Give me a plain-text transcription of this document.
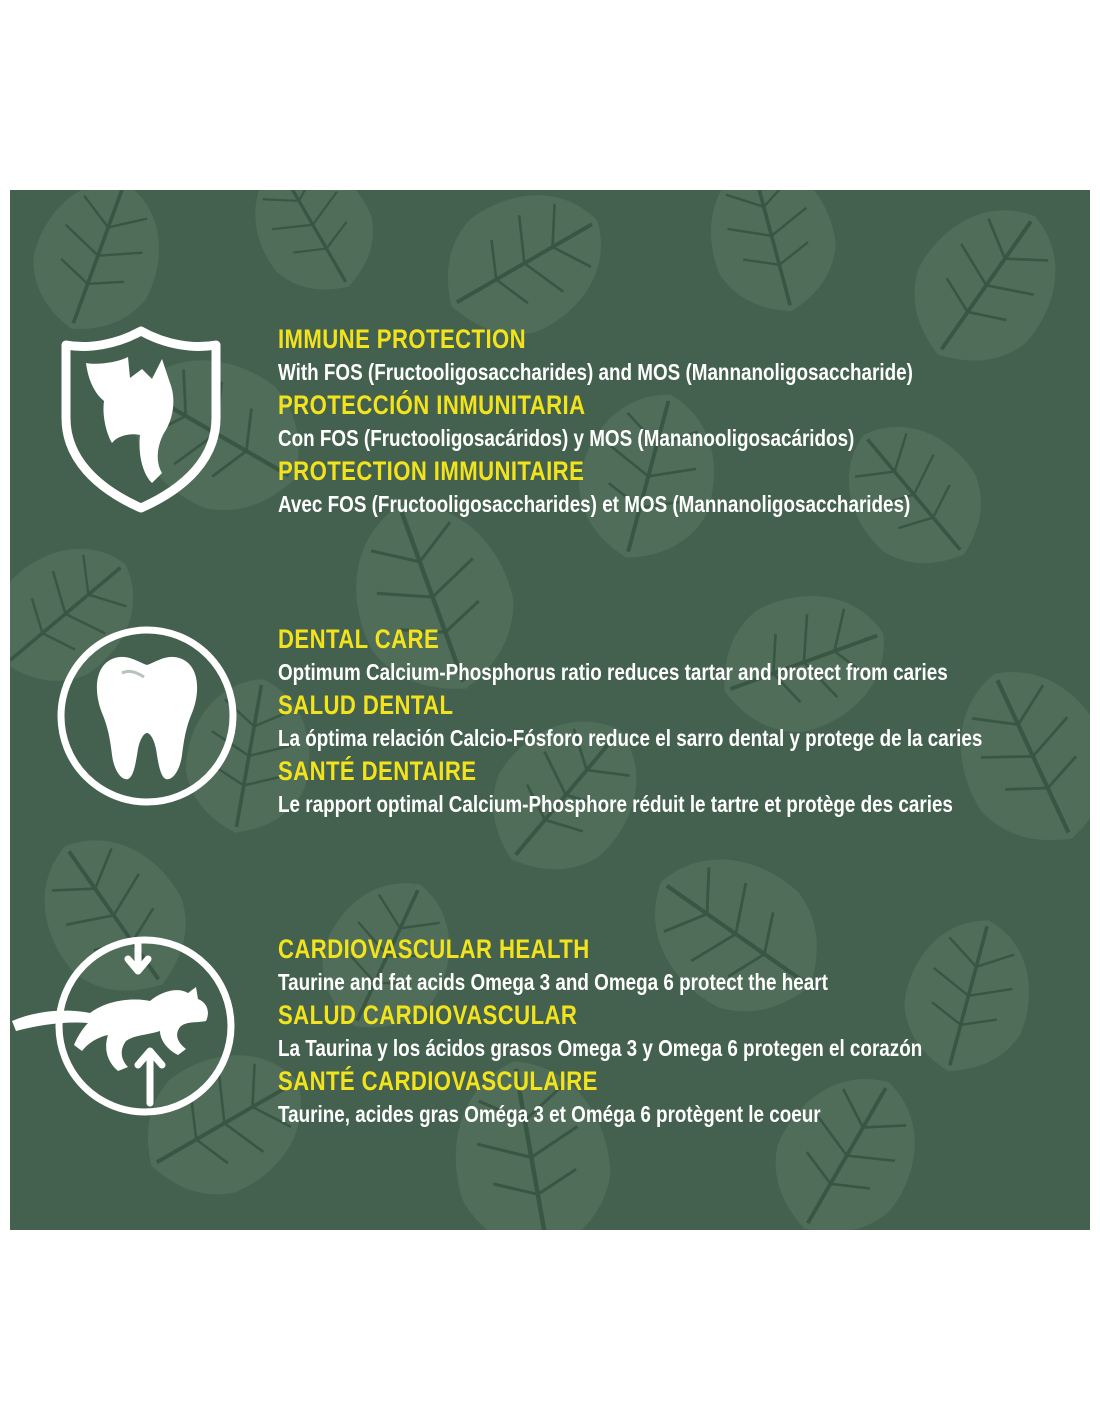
IMMUNE PROTECTION
With FOS (Fructooligosaccharides) and MOS (Mannanoligosaccharide)
PROTECCIÓN INMUNITARIA
Con FOS (Fructooligosacáridos) y MOS (Mananooligosacáridos)
PROTECTION IMMUNITAIRE
Avec FOS (Fructooligosaccharides) et MOS (Mannanoligosaccharides)
DENTAL CARE
Optimum Calcium-Phosphorus ratio reduces tartar and protect from caries
SALUD DENTAL
La óptima relación Calcio-Fósforo reduce el sarro dental y protege de la caries
SANTÉ DENTAIRE
Le rapport optimal Calcium-Phosphore réduit le tartre et protège des caries
CARDIOVASCULAR HEALTH
Taurine and fat acids Omega 3 and Omega 6 protect the heart
SALUD CARDIOVASCULAR
La Taurina y los ácidos grasos Omega 3 y Omega 6 protegen el corazón
SANTÉ CARDIOVASCULAIRE
Taurine, acides gras Oméga 3 et Oméga 6 protègent le coeur
